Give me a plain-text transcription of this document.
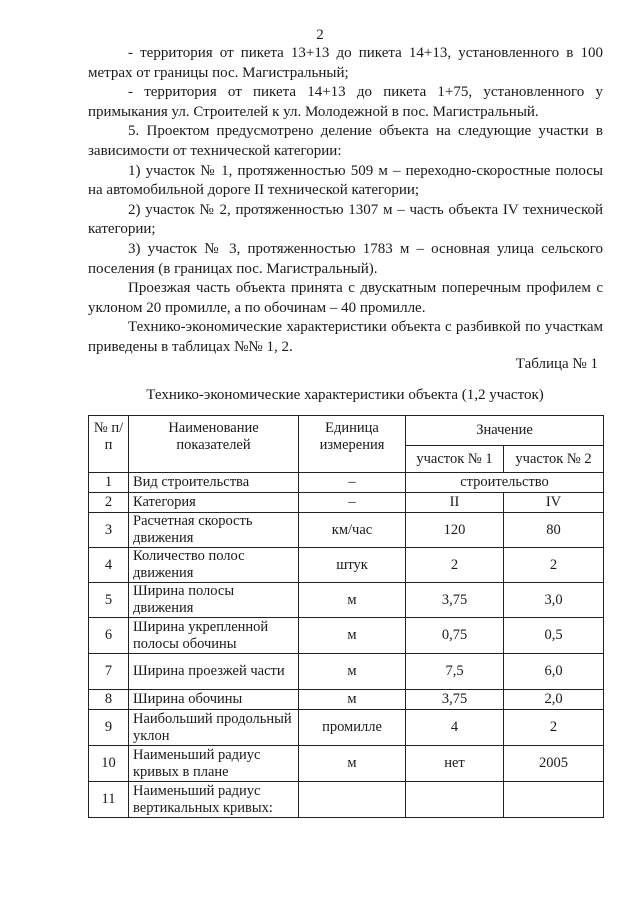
2

- территория от пикета 13+13 до пикета 14+13, установленного в 100 метрах от границы пос. Магистральный;

- территория от пикета 14+13 до пикета 1+75, установленного у примыкания ул. Строителей к ул. Молодежной в пос. Магистральный.

5. Проектом предусмотрено деление объекта на следующие участки в зависимости от технической категории:

1) участок № 1, протяженностью 509 м – переходно-скоростные полосы на автомобильной дороге II технической категории;

2) участок № 2, протяженностью 1307 м – часть объекта IV технической категории;

3) участок № 3, протяженностью 1783 м – основная улица сельского поселения (в границах пос. Магистральный).

Проезжая часть объекта принята с двускатным поперечным профилем с уклоном 20 промилле, а по обочинам – 40 промилле.

Технико-экономические характеристики объекта с разбивкой по участкам приведены в таблицах №№ 1, 2.

Таблица № 1
Технико-экономические характеристики объекта (1,2 участок)
№ п/п	Наименование показателей	Единица измерения	Значение	
			участок № 1	участок № 2
1	Вид строительства	–	строительство	
2	Категория	–	II	IV
3	Расчетная скорость движения	км/час	120	80
4	Количество полос движения	штук	2	2
5	Ширина полосы движения	м	3,75	3,0
6	Ширина укрепленной полосы обочины	м	0,75	0,5
7	Ширина проезжей части	м	7,5	6,0
8	Ширина обочины	м	3,75	2,0
9	Наибольший продольный уклон	промилле	4	2
10	Наименьший радиус кривых в плане	м	нет	2005
11	Наименьший радиус вертикальных кривых:			
